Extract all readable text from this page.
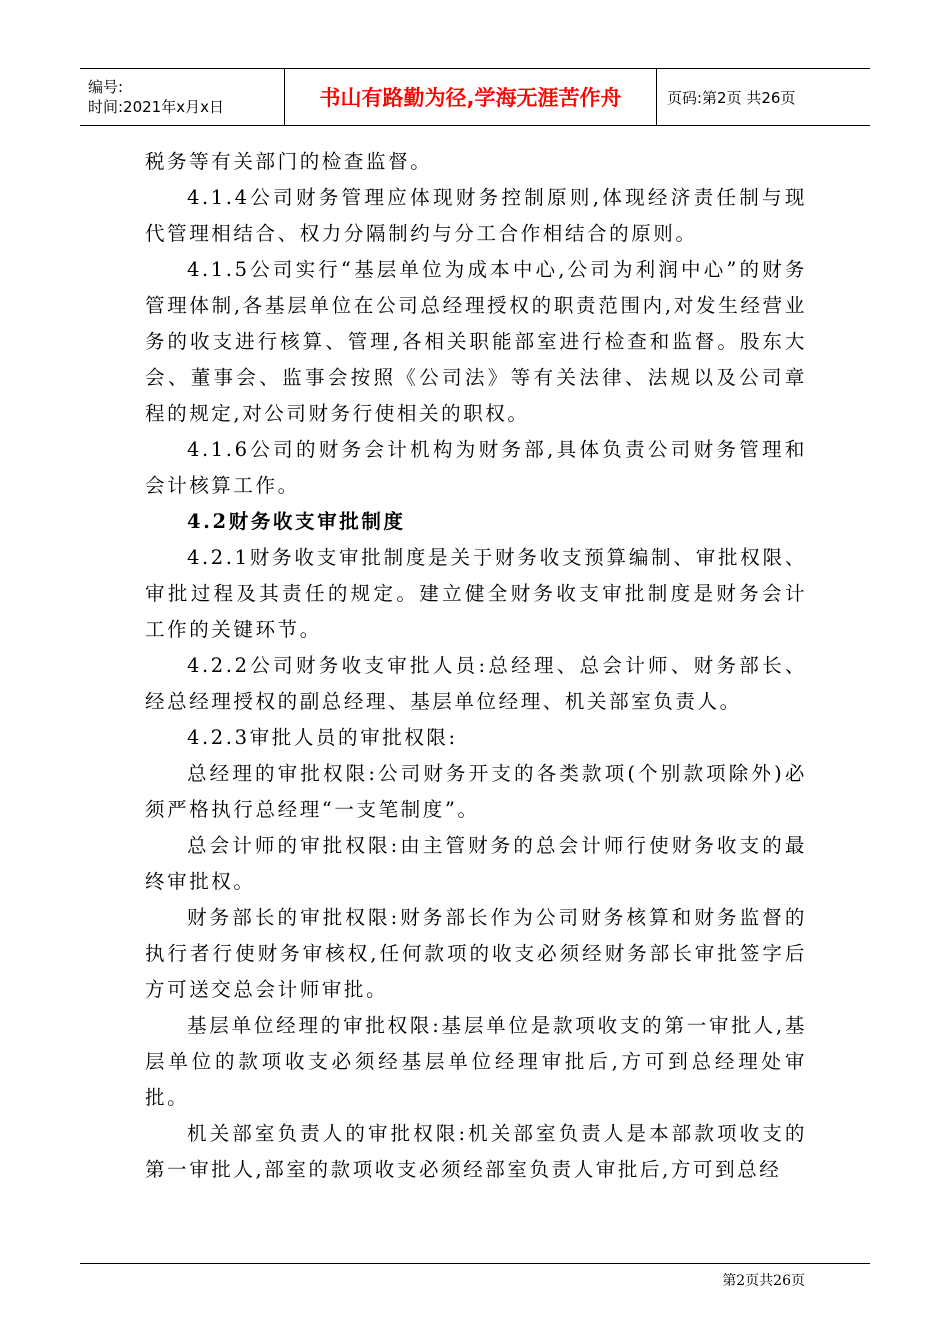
编号:
时间:2021年x月x日	书山有路勤为径,学海无涯苦作舟	页码:第2页 共26页

税务等有关部门的检查监督。

4.1.4公司财务管理应体现财务控制原则,体现经济责任制与现代管理相结合、权力分隔制约与分工合作相结合的原则。

4.1.5公司实行“基层单位为成本中心,公司为利润中心”的财务管理体制,各基层单位在公司总经理授权的职责范围内,对发生经营业务的收支进行核算、管理,各相关职能部室进行检查和监督。股东大会、董事会、监事会按照《公司法》等有关法律、法规以及公司章程的规定,对公司财务行使相关的职权。

4.1.6公司的财务会计机构为财务部,具体负责公司财务管理和会计核算工作。

4.2财务收支审批制度

4.2.1财务收支审批制度是关于财务收支预算编制、审批权限、审批过程及其责任的规定。建立健全财务收支审批制度是财务会计工作的关键环节。

4.2.2公司财务收支审批人员:总经理、总会计师、财务部长、经总经理授权的副总经理、基层单位经理、机关部室负责人。

4.2.3审批人员的审批权限:

总经理的审批权限:公司财务开支的各类款项(个别款项除外)必须严格执行总经理“一支笔制度”。

总会计师的审批权限:由主管财务的总会计师行使财务收支的最终审批权。

财务部长的审批权限:财务部长作为公司财务核算和财务监督的执行者行使财务审核权,任何款项的收支必须经财务部长审批签字后方可送交总会计师审批。

基层单位经理的审批权限:基层单位是款项收支的第一审批人,基层单位的款项收支必须经基层单位经理审批后,方可到总经理处审批。

机关部室负责人的审批权限:机关部室负责人是本部款项收支的第一审批人,部室的款项收支必须经部室负责人审批后,方可到总经

第2页共26页
